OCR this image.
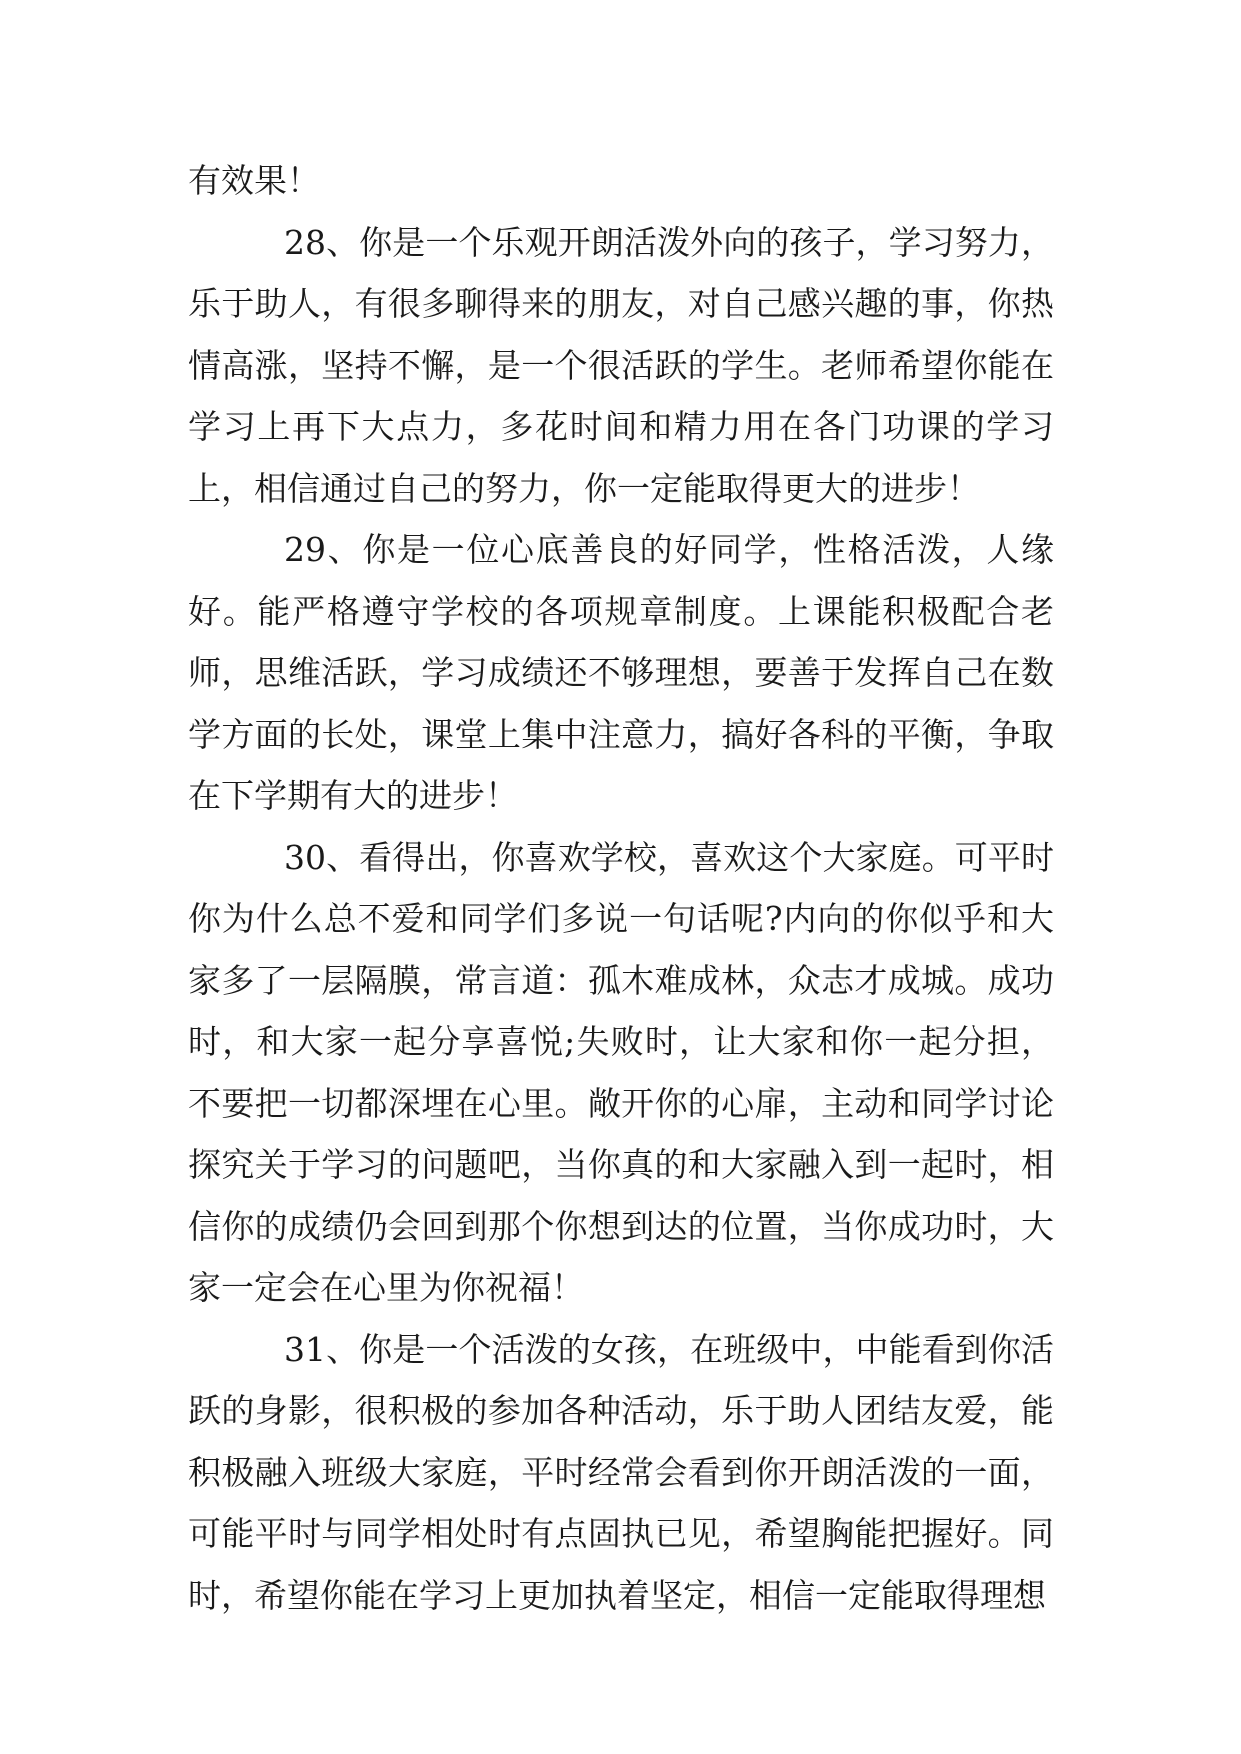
有效果！

28、你是一个乐观开朗活泼外向的孩子，学习努力，乐于助人，有很多聊得来的朋友，对自己感兴趣的事，你热情高涨，坚持不懈，是一个很活跃的学生。老师希望你能在学习上再下大点力，多花时间和精力用在各门功课的学习上，相信通过自己的努力，你一定能取得更大的进步！

29、你是一位心底善良的好同学，性格活泼，人缘好。能严格遵守学校的各项规章制度。上课能积极配合老师，思维活跃，学习成绩还不够理想，要善于发挥自己在数学方面的长处，课堂上集中注意力，搞好各科的平衡，争取在下学期有大的进步！

30、看得出，你喜欢学校，喜欢这个大家庭。可平时你为什么总不爱和同学们多说一句话呢?内向的你似乎和大家多了一层隔膜，常言道：孤木难成林，众志才成城。成功时，和大家一起分享喜悦;失败时，让大家和你一起分担，不要把一切都深埋在心里。敞开你的心扉，主动和同学讨论探究关于学习的问题吧，当你真的和大家融入到一起时，相信你的成绩仍会回到那个你想到达的位置，当你成功时，大家一定会在心里为你祝福！

31、你是一个活泼的女孩，在班级中，中能看到你活跃的身影，很积极的参加各种活动，乐于助人团结友爱，能积极融入班级大家庭，平时经常会看到你开朗活泼的一面，可能平时与同学相处时有点固执已见，希望胸能把握好。同时，希望你能在学习上更加执着坚定，相信一定能取得理想
